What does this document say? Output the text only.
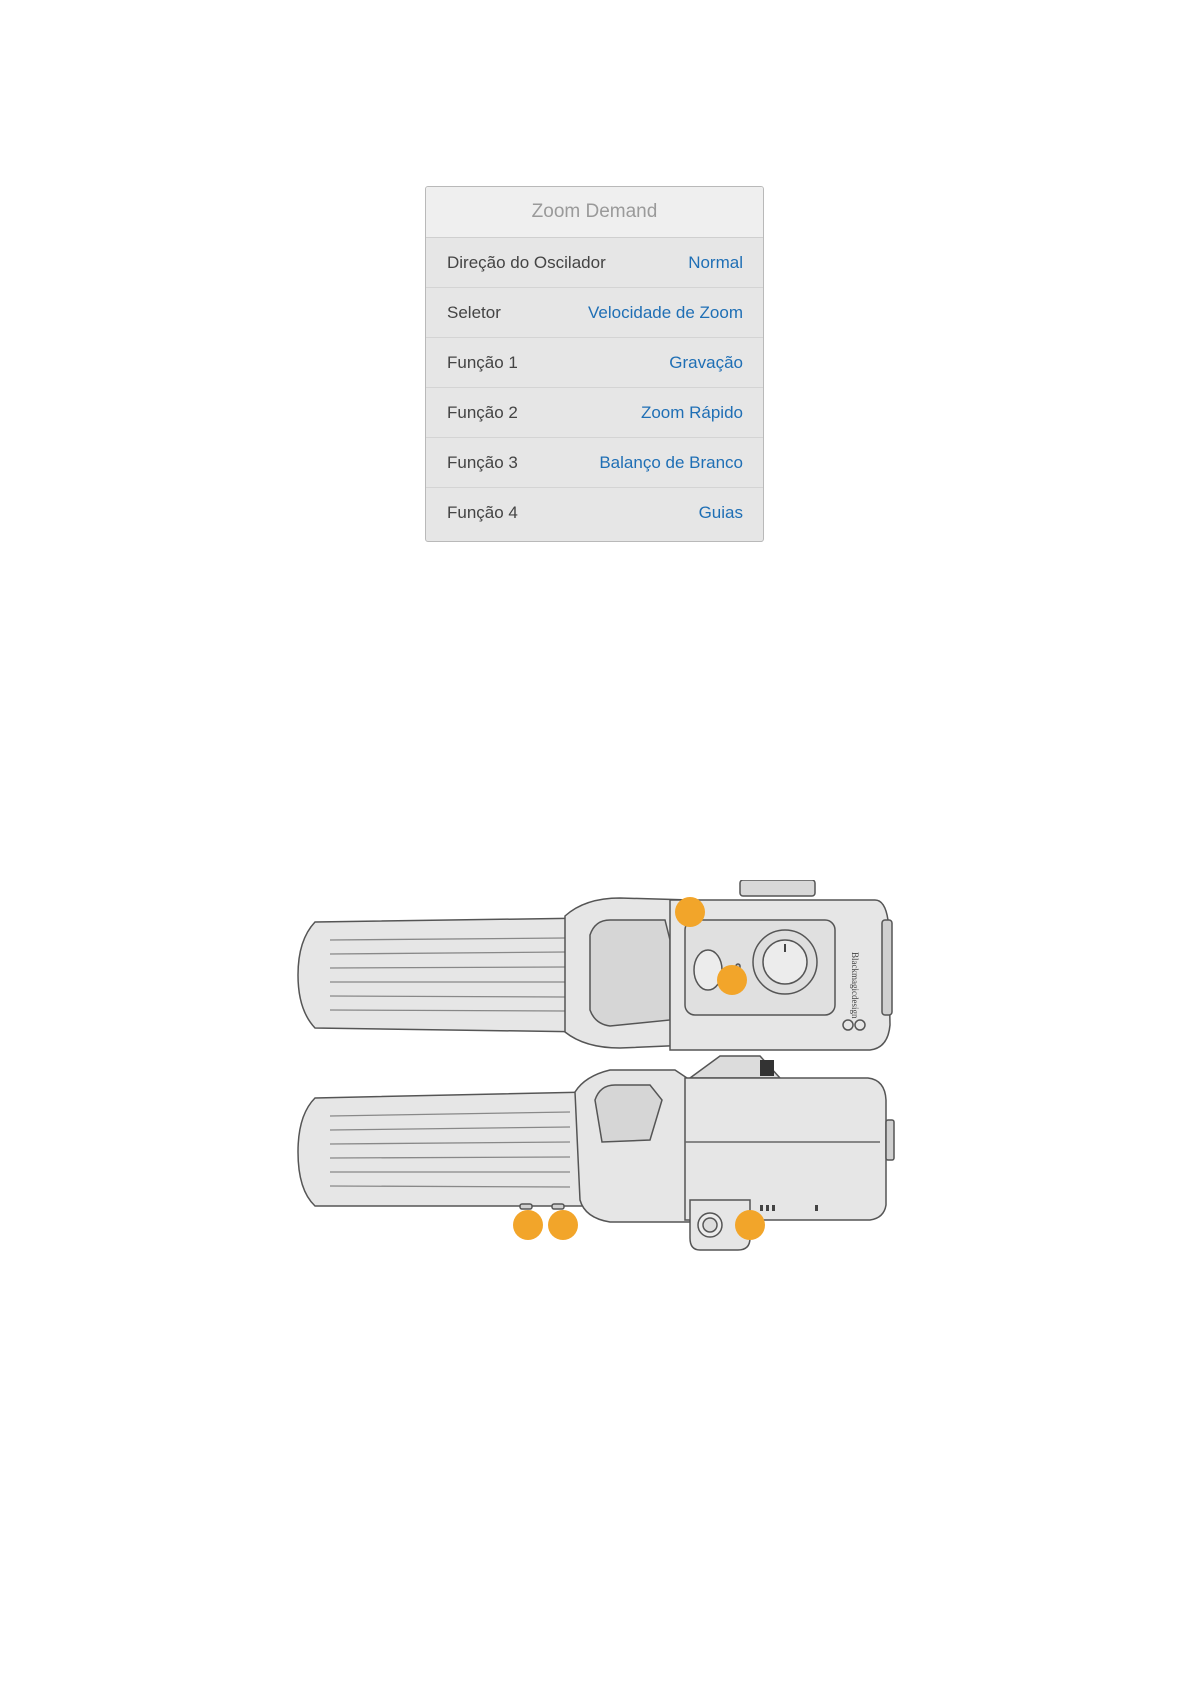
Zoom Demand
Direção do Oscilador	Normal
Seletor	Velocidade de Zoom
Função 1	Gravação
Função 2	Zoom Rápido
Função 3	Balanço de Branco
Função 4	Guias
Blackmagicdesign
